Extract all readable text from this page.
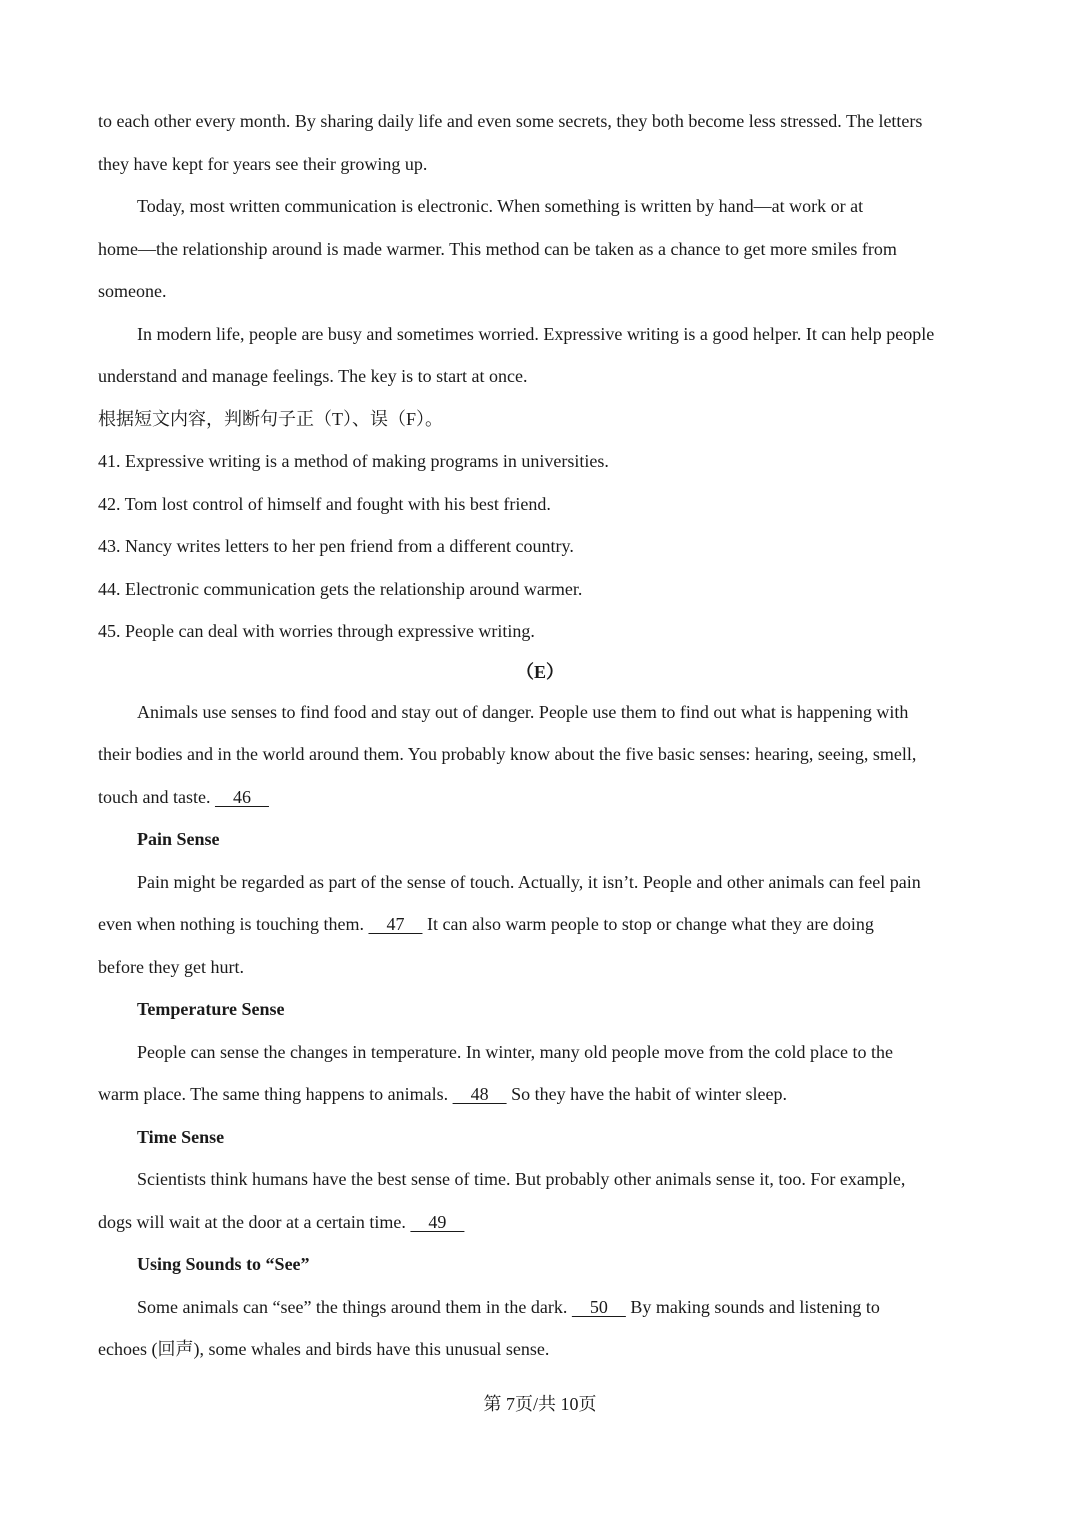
to each other every month. By sharing daily life and even some secrets, they both become less stressed. The letters

they have kept for years see their growing up.

Today, most written communication is electronic. When something is written by hand—at work or at

home—the relationship around is made warmer. This method can be taken as a chance to get more smiles from

someone.

In modern life, people are busy and sometimes worried. Expressive writing is a good helper. It can help people

understand and manage feelings. The key is to start at once.

根据短文内容，判断句子正（T）、误（F）。

41. Expressive writing is a method of making programs in universities.

42. Tom lost control of himself and fought with his best friend.

43. Nancy writes letters to her pen friend from a different country.

44. Electronic communication gets the relationship around warmer.

45. People can deal with worries through expressive writing.

（E）

Animals use senses to find food and stay out of danger. People use them to find out what is happening with

their bodies and in the world around them. You probably know about the five basic senses: hearing, seeing, smell,

touch and taste.     46

Pain Sense

Pain might be regarded as part of the sense of touch. Actually, it isn’t. People and other animals can feel pain

even when nothing is touching them.     47     It can also warm people to stop or change what they are doing

before they get hurt.

Temperature Sense

People can sense the changes in temperature. In winter, many old people move from the cold place to the

warm place. The same thing happens to animals.     48     So they have the habit of winter sleep.

Time Sense

Scientists think humans have the best sense of time. But probably other animals sense it, too. For example,

dogs will wait at the door at a certain time.     49

Using Sounds to “See”

Some animals can “see” the things around them in the dark.     50     By making sounds and listening to

echoes (回声), some whales and birds have this unusual sense.

第 7页/共 10页
